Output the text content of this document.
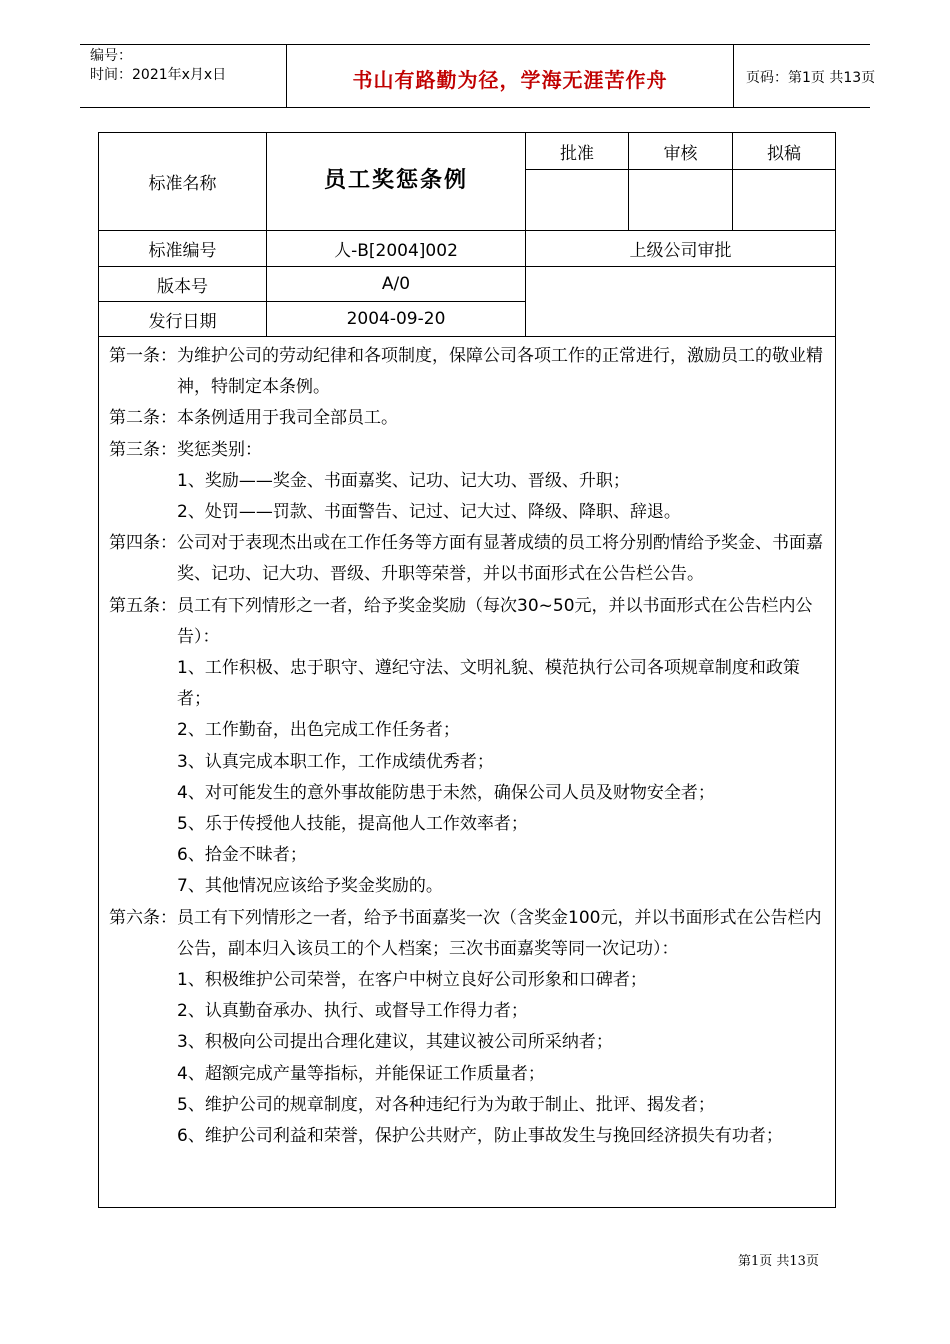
编号：
时间：2021年x月x日	书山有路勤为径，学海无涯苦作舟	页码：第1页 共13页
标准名称	员工奖惩条例
批准	审核	拟稿
标准编号	人-B[2004]002	上级公司审批
版本号	A/0
发行日期	2004-09-20
第一条： 为维护公司的劳动纪律和各项制度，保障公司各项工作的正常进行，激励员工的敬业精神，特制定本条例。
第二条： 本条例适用于我司全部员工。
第三条： 奖惩类别：
1、奖励——奖金、书面嘉奖、记功、记大功、晋级、升职；
2、处罚——罚款、书面警告、记过、记大过、降级、降职、辞退。
第四条： 公司对于表现杰出或在工作任务等方面有显著成绩的员工将分别酌情给予奖金、书面嘉奖、记功、记大功、晋级、升职等荣誉，并以书面形式在公告栏公告。
第五条： 员工有下列情形之一者，给予奖金奖励（每次30~50元，并以书面形式在公告栏内公告）：
1、工作积极、忠于职守、遵纪守法、文明礼貌、模范执行公司各项规章制度和政策者；
2、工作勤奋，出色完成工作任务者；
3、认真完成本职工作，工作成绩优秀者；
4、对可能发生的意外事故能防患于未然，确保公司人员及财物安全者；
5、乐于传授他人技能，提高他人工作效率者；
6、拾金不昧者；
7、其他情况应该给予奖金奖励的。
第六条： 员工有下列情形之一者，给予书面嘉奖一次（含奖金100元，并以书面形式在公告栏内公告，副本归入该员工的个人档案；三次书面嘉奖等同一次记功）：
1、积极维护公司荣誉，在客户中树立良好公司形象和口碑者；
2、认真勤奋承办、执行、或督导工作得力者；
3、积极向公司提出合理化建议，其建议被公司所采纳者；
4、超额完成产量等指标，并能保证工作质量者；
5、维护公司的规章制度，对各种违纪行为为敢于制止、批评、揭发者；
6、维护公司利益和荣誉，保护公共财产，防止事故发生与挽回经济损失有功者；
第1页 共13页
